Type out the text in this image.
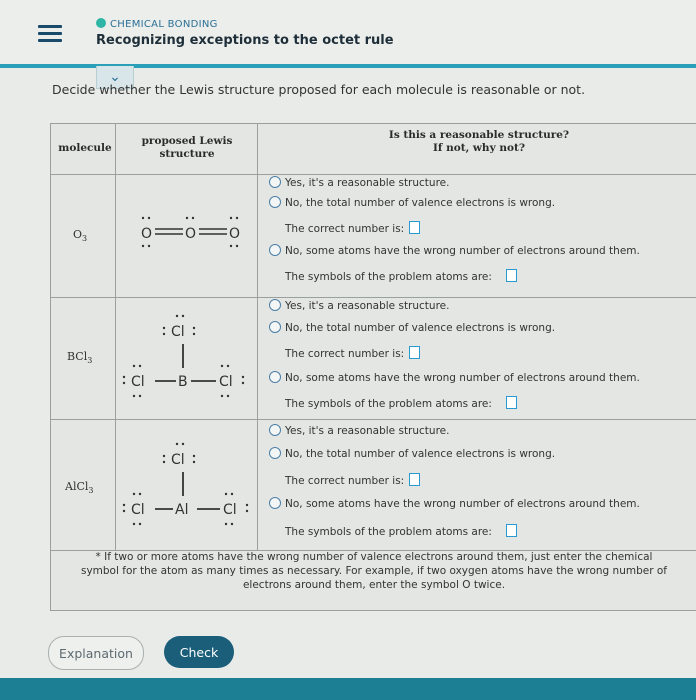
CHEMICAL BONDING
Recognizing exceptions to the octet rule
⌄
Decide whether the Lewis structure proposed for each molecule is reasonable or not.
molecule
proposed Lewis
structure
Is this a reasonable structure?
If not, why not?
$O_3$	O O O
Yes, it's a reasonable structure.
No, the total number of valence electrons is wrong.
The correct number is:
No, some atoms have the wrong number of electrons around them.
The symbols of the problem atoms are:
BCl$_3$
Cl
Cl B Cl
Yes, it's a reasonable structure.
No, the total number of valence electrons is wrong.
The correct number is:
No, some atoms have the wrong number of electrons around them.
The symbols of the problem atoms are:
AlCl$_3$
Cl
Cl Al Cl
Yes, it's a reasonable structure.
No, the total number of valence electrons is wrong.
The correct number is:
No, some atoms have the wrong number of electrons around them.
The symbols of the problem atoms are:
* If two or more atoms have the wrong number of valence electrons around them, just enter the chemical
symbol for the atom as many times as necessary. For example, if two oxygen atoms have the wrong number of
electrons around them, enter the symbol O twice.
Explanation	Check
